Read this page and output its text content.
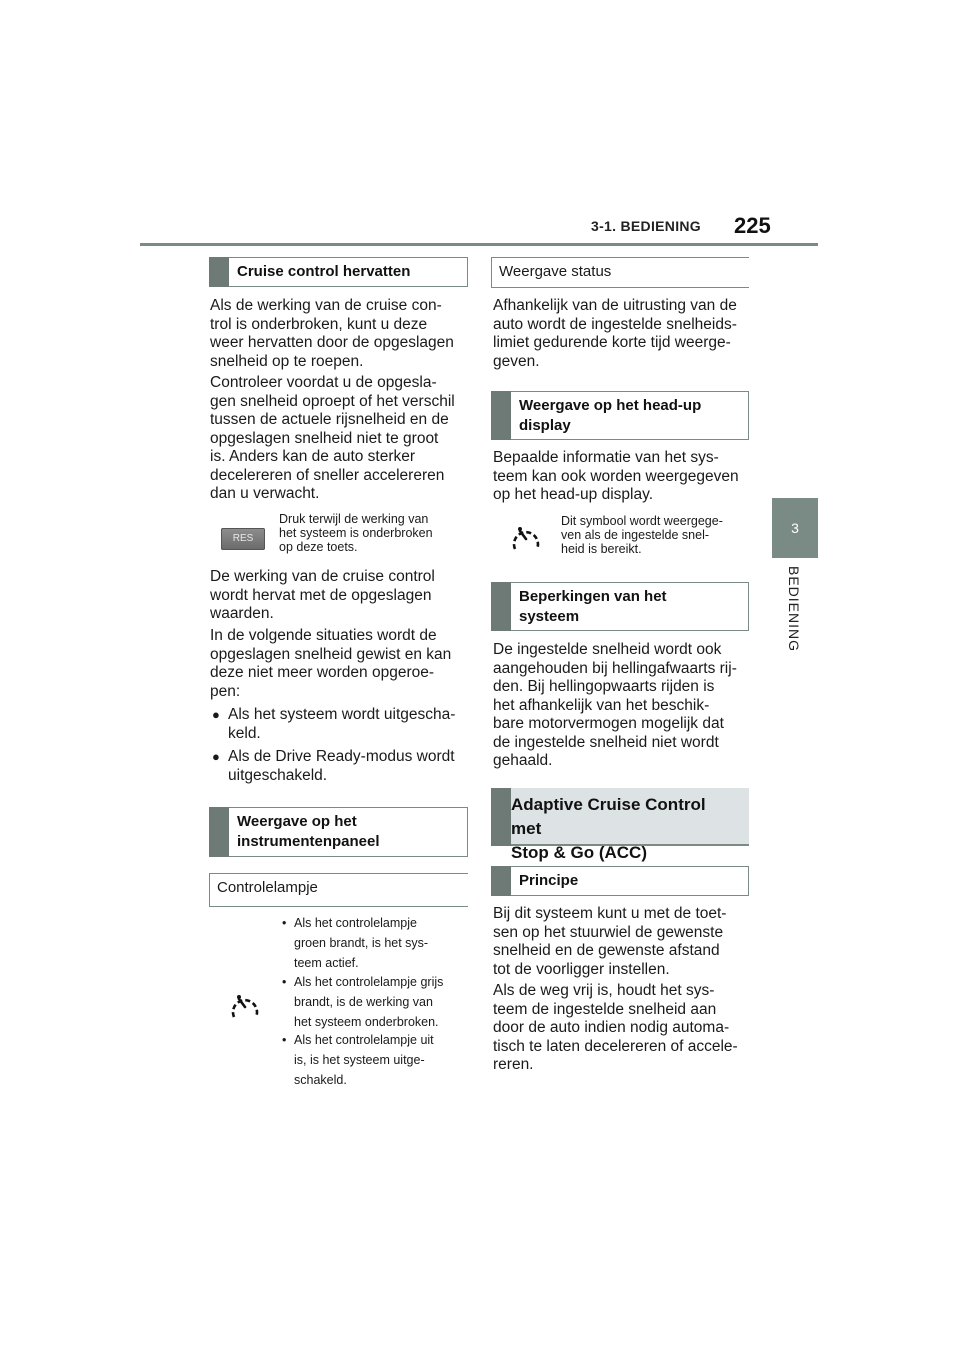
3-1. BEDIENING 225
3
BEDIENING
Cruise control hervatten

Als de werking van de cruise con-
trol is onderbroken, kunt u deze
weer hervatten door de opgeslagen
snelheid op te roepen.

Controleer voordat u de opgesla-
gen snelheid oproept of het verschil
tussen de actuele rijsnelheid en de
opgeslagen snelheid niet te groot
is. Anders kan de auto sterker
decelereren of sneller accelereren
dan u verwacht.

RES
Druk terwijl de werking van
het systeem is onderbroken
op deze toets.

De werking van de cruise control
wordt hervat met de opgeslagen
waarden.

In de volgende situaties wordt de
opgeslagen snelheid gewist en kan
deze niet meer worden opgeroe-
pen:

● Als het systeem wordt uitgescha-
keld.
● Als de Drive Ready-modus wordt
uitgeschakeld.
Weergave op het
instrumentenpaneel
Controlelampje
• Als het controlelampje
groen brandt, is het sys-
teem actief.
• Als het controlelampje grijs
brandt, is de werking van
het systeem onderbroken.
• Als het controlelampje uit
is, is het systeem uitge-
schakeld.
Weergave status

Afhankelijk van de uitrusting van de
auto wordt de ingestelde snelheids-
limiet gedurende korte tijd weerge-
geven.

Weergave op het head-up
display

Bepaalde informatie van het sys-
teem kan ook worden weergegeven
op het head-up display.

Dit symbool wordt weergege-
ven als de ingestelde snel-
heid is bereikt.
Beperkingen van het
systeem

De ingestelde snelheid wordt ook
aangehouden bij hellingafwaarts rij-
den. Bij hellingopwaarts rijden is
het afhankelijk van het beschik-
bare motorvermogen mogelijk dat
de ingestelde snelheid niet wordt
gehaald.

Adaptive Cruise Control met
Stop & Go (ACC)
Principe

Bij dit systeem kunt u met de toet-
sen op het stuurwiel de gewenste
snelheid en de gewenste afstand
tot de voorligger instellen.

Als de weg vrij is, houdt het sys-
teem de ingestelde snelheid aan
door de auto indien nodig automa-
tisch te laten decelereren of accele-
reren.
